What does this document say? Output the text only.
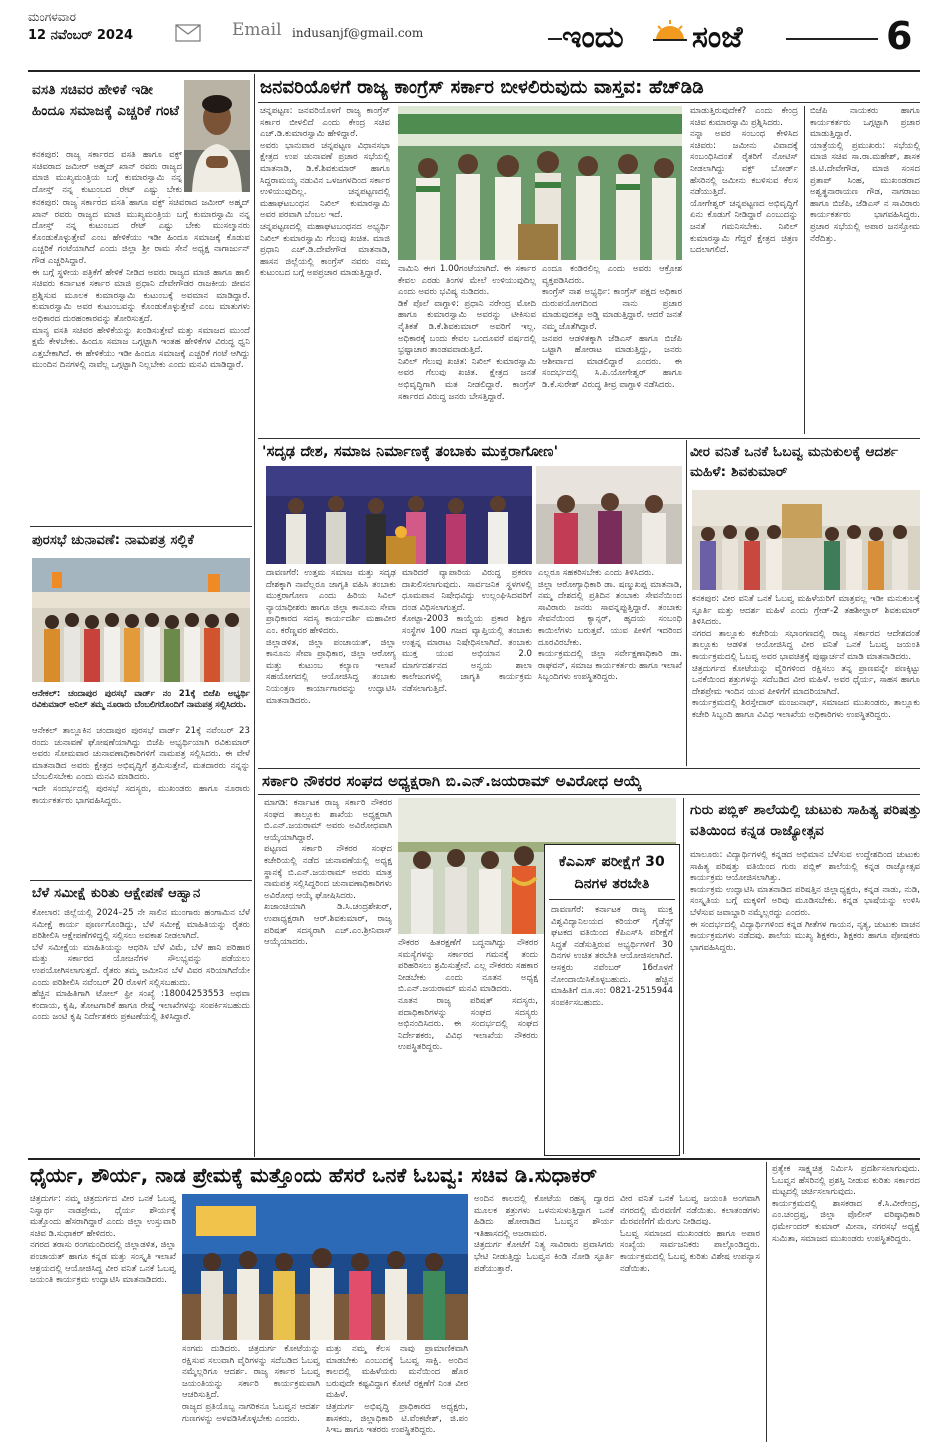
ಮಂಗಳವಾರ
12 ನವೆಂಬರ್ 2024	Email indusanjf@gmail.com	ಇಂದು ಸಂಜೆ	6
ವಸತಿ ಸಚಿವರ ಹೇಳಿಕೆ ಇಡೀ ಹಿಂದೂ ಸಮಾಜಕ್ಕೆ ಎಚ್ಚರಿಕೆ ಗಂಟೆ
ಕನಕಪುರ: ರಾಜ್ಯ ಸರ್ಕಾರದ ವಸತಿ ಹಾಗೂ ವಕ್ಫ್ ಸಚಿವರಾದ ಜಮೀರ್ ಅಹ್ಮದ್ ಖಾನ್ ರವರು ರಾಜ್ಯದ ಮಾಜಿ ಮುಖ್ಯಮಂತ್ರಿಯ ಬಗ್ಗೆ ಕುಮಾರಸ್ವಾಮಿ ನನ್ನ ದೋಸ್ತ್ ನನ್ನ ಕುಟುಂಬದ ರೇಟ್ ಎಷ್ಟು ಬೇಕು

ಕನಕಪುರ: ರಾಜ್ಯ ಸರ್ಕಾರದ ವಸತಿ ಹಾಗೂ ವಕ್ಫ್ ಸಚಿವರಾದ ಜಮೀರ್ ಅಹ್ಮದ್ ಖಾನ್ ರವರು ರಾಜ್ಯದ ಮಾಜಿ ಮುಖ್ಯಮಂತ್ರಿಯ ಬಗ್ಗೆ ಕುಮಾರಸ್ವಾಮಿ ನನ್ನ ದೋಸ್ತ್ ನನ್ನ ಕುಟುಂಬದ ರೇಟ್ ಎಷ್ಟು ಬೇಕು ಮುಸಲ್ಮಾನರು ಕೊಂಡುಕೊಳ್ಳುತ್ತೇವೆ ಎಂಬ ಹೇಳಿಕೆಯು ಇಡೀ ಹಿಂದೂ ಸಮಾಜಕ್ಕೆ ಕೊಡುವ ಎಚ್ಚರಿಕೆ ಗಂಟೆಯಾಗಿದೆ ಎಂದು ಜಿಲ್ಲಾ ಶ್ರೀ ರಾಮ ಸೇನೆ ಅಧ್ಯಕ್ಷ ನಾಗಾರ್ಜುನ್ ಗೌಡ ಎಚ್ಚರಿಸಿದ್ದಾರೆ.
ಈ ಬಗ್ಗೆ ಸ್ಥಳೀಯ ಪತ್ರಿಕೆಗೆ ಹೇಳಿಕೆ ನೀಡಿದ ಅವರು ರಾಜ್ಯದ ಮಾಜಿ ಹಾಗೂ ಹಾಲಿ ಸಚಿವರು ಕರ್ನಾಟಕ ಸರ್ಕಾರ ಮಾಜಿ ಪ್ರಧಾನಿ ದೇವೇಗೌಡರ ರಾಜಕೀಯ ಜೀವನ ಪ್ರಶ್ನಿಸುವ ಮೂಲಕ ಕುಮಾರಸ್ವಾಮಿ ಕುಟುಂಬಕ್ಕೆ ಅವಮಾನ ಮಾಡಿದ್ದಾರೆ. ಕುಮಾರಸ್ವಾಮಿ ಅವರ ಕುಟುಂಬವನ್ನು ಕೊಂಡುಕೊಳ್ಳುತ್ತೇವೆ ಎಂಬ ಮಾತುಗಳು ಅಧಿಕಾರದ ದುರಹಂಕಾರವನ್ನು ತೋರಿಸುತ್ತದೆ.
ಮಾನ್ಯ ವಸತಿ ಸಚಿವರ ಹೇಳಿಕೆಯನ್ನು ಖಂಡಿಸುತ್ತೇವೆ ಮತ್ತು ಸಮಾಜದ ಮುಂದೆ ಕ್ಷಮೆ ಕೇಳಬೇಕು. ಹಿಂದೂ ಸಮಾಜ ಒಗ್ಗಟ್ಟಾಗಿ ಇಂತಹ ಹೇಳಿಕೆಗಳ ವಿರುದ್ಧ ಧ್ವನಿ ಎತ್ತಬೇಕಾಗಿದೆ. ಈ ಹೇಳಿಕೆಯು ಇಡೀ ಹಿಂದೂ ಸಮಾಜಕ್ಕೆ ಎಚ್ಚರಿಕೆ ಗಂಟೆ ಆಗಿದ್ದು ಮುಂದಿನ ದಿನಗಳಲ್ಲಿ ನಾವೆಲ್ಲ ಒಗ್ಗಟ್ಟಾಗಿ ನಿಲ್ಲಬೇಕು ಎಂದು ಮನವಿ ಮಾಡಿದ್ದಾರೆ.
ಪುರಸಭೆ ಚುನಾವಣೆ: ನಾಮಪತ್ರ ಸಲ್ಲಿಕೆ
ಆನೇಕಲ್: ಚಂದಾಪುರ ಪುರಸಭೆ ವಾರ್ಡ್ ನಂ 21ಕ್ಕೆ ಬಿಜೆಪಿ ಅಭ್ಯರ್ಥಿ ರವಿಕುಮಾರ್ ಅನಿಲ್ ತಮ್ಮ ನೂರಾರು ಬೆಂಬಲಿಗರೊಂದಿಗೆ ನಾಮಪತ್ರ ಸಲ್ಲಿಸಿದರು.
ಆನೇಕಲ್ ತಾಲ್ಲೂಕಿನ ಚಂದಾಪುರ ಪುರಸಭೆ ವಾರ್ಡ್ 21ಕ್ಕೆ ನವೆಂಬರ್ 23 ರಂದು ಚುನಾವಣೆ ಘೋಷಣೆಯಾಗಿದ್ದು ಬಿಜೆಪಿ ಅಭ್ಯರ್ಥಿಯಾಗಿ ರವಿಕುಮಾರ್ ಅವರು ಸೋಮವಾರ ಚುನಾವಣಾಧಿಕಾರಿಗಳಿಗೆ ನಾಮಪತ್ರ ಸಲ್ಲಿಸಿದರು. ಈ ವೇಳೆ ಮಾತನಾಡಿದ ಅವರು ಕ್ಷೇತ್ರದ ಅಭಿವೃದ್ಧಿಗೆ ಶ್ರಮಿಸುತ್ತೇನೆ, ಮತದಾರರು ನನ್ನನ್ನು ಬೆಂಬಲಿಸಬೇಕು ಎಂದು ಮನವಿ ಮಾಡಿದರು.
ಇದೇ ಸಂದರ್ಭದಲ್ಲಿ ಪುರಸಭೆ ಸದಸ್ಯರು, ಮುಖಂಡರು ಹಾಗೂ ನೂರಾರು ಕಾರ್ಯಕರ್ತರು ಭಾಗವಹಿಸಿದ್ದರು.
ಬೆಳೆ ಸಮೀಕ್ಷೆ ಕುರಿತು ಆಕ್ಷೇಪಣೆ ಆಹ್ವಾನ
ಕೋಲಾರ: ಜಿಲ್ಲೆಯಲ್ಲಿ 2024–25 ನೇ ಸಾಲಿನ ಮುಂಗಾರು ಹಂಗಾಮಿನ ಬೆಳೆ ಸಮೀಕ್ಷೆ ಕಾರ್ಯ ಪೂರ್ಣಗೊಂಡಿದ್ದು, ಬೆಳೆ ಸಮೀಕ್ಷೆ ಮಾಹಿತಿಯನ್ನು ರೈತರು ಪರಿಶೀಲಿಸಿ ಆಕ್ಷೇಪಣೆಗಳಿದ್ದಲ್ಲಿ ಸಲ್ಲಿಸಲು ಅವಕಾಶ ನೀಡಲಾಗಿದೆ.
ಬೆಳೆ ಸಮೀಕ್ಷೆಯ ಮಾಹಿತಿಯನ್ನು ಆಧರಿಸಿ ಬೆಳೆ ವಿಮೆ, ಬೆಳೆ ಹಾನಿ ಪರಿಹಾರ ಮತ್ತು ಸರ್ಕಾರದ ಯೋಜನೆಗಳ ಸೌಲಭ್ಯವನ್ನು ಪಡೆಯಲು ಉಪಯೋಗಿಸಲಾಗುತ್ತದೆ. ರೈತರು ತಮ್ಮ ಜಮೀನಿನ ಬೆಳೆ ವಿವರ ಸರಿಯಾಗಿದೆಯೇ ಎಂದು ಪರಿಶೀಲಿಸಿ ನವೆಂಬರ್ 20 ರೊಳಗೆ ಸಲ್ಲಿಸಬಹುದು.
ಹೆಚ್ಚಿನ ಮಾಹಿತಿಗಾಗಿ ಟೋಲ್ ಫ್ರೀ ಸಂಖ್ಯೆ :18004253553 ಅಥವಾ ಕಂದಾಯ, ಕೃಷಿ, ತೋಟಗಾರಿಕೆ ಹಾಗೂ ರೇಷ್ಮೆ ಇಲಾಖೆಗಳನ್ನು ಸಂಪರ್ಕಿಸಬಹುದು ಎಂದು ಜಂಟಿ ಕೃಷಿ ನಿರ್ದೇಶಕರು ಪ್ರಕಟಣೆಯಲ್ಲಿ ತಿಳಿಸಿದ್ದಾರೆ.
ಜನವರಿಯೊಳಗೆ ರಾಜ್ಯ ಕಾಂಗ್ರೆಸ್ ಸರ್ಕಾರ ಬೀಳಲಿರುವುದು ವಾಸ್ತವ: ಹೆಚ್‌ಡಿಡಿ
ಚನ್ನಪಟ್ಟಣ: ಜನವರಿಯೊಳಗೆ ರಾಜ್ಯ ಕಾಂಗ್ರೆಸ್ ಸರ್ಕಾರ ಬೀಳಲಿದೆ ಎಂದು ಕೇಂದ್ರ ಸಚಿವ ಎಚ್.ಡಿ.ಕುಮಾರಸ್ವಾಮಿ ಹೇಳಿದ್ದಾರೆ.
ಅವರು ಭಾನುವಾರ ಚನ್ನಪಟ್ಟಣ ವಿಧಾನಸಭಾ ಕ್ಷೇತ್ರದ ಉಪ ಚುನಾವಣೆ ಪ್ರಚಾರ ಸಭೆಯಲ್ಲಿ ಮಾತನಾಡಿ, ಡಿ.ಕೆ.ಶಿವಕುಮಾರ್ ಹಾಗೂ ಸಿದ್ದರಾಮಯ್ಯ ನಡುವಿನ ಒಳಜಗಳದಿಂದ ಸರ್ಕಾರ ಉಳಿಯುವುದಿಲ್ಲ. ಚನ್ನಪಟ್ಟಣದಲ್ಲಿ ಮಹಾಘಟಬಂಧನ ನಿಖಿಲ್ ಕುಮಾರಸ್ವಾಮಿ ಅವರ ಪರವಾಗಿ ಬೆಂಬಲ ಇದೆ.
ಚನ್ನಪಟ್ಟಣದಲ್ಲಿ ಮಹಾಘಟಬಂಧನದ ಅಭ್ಯರ್ಥಿ ನಿಖಿಲ್ ಕುಮಾರಸ್ವಾಮಿ ಗೆಲುವು ಖಚಿತ. ಮಾಜಿ ಪ್ರಧಾನಿ ಎಚ್.ಡಿ.ದೇವೇಗೌಡ ಮಾತನಾಡಿ, ಹಾಸನ ಜಿಲ್ಲೆಯಲ್ಲಿ ಕಾಂಗ್ರೆಸ್ ನವರು ನಮ್ಮ ಕುಟುಂಬದ ಬಗ್ಗೆ ಅಪಪ್ರಚಾರ ಮಾಡುತ್ತಿದ್ದಾರೆ.	ನಾಮಿನಿ ಈಗ 1.00ಗಂಟೆಯಾಗಿದೆ. ಈ ಸರ್ಕಾರ ಕೇವಲ ಎರಡು ತಿಂಗಳ ಮೇಲೆ ಉಳಿಯುವುದಿಲ್ಲ ಎಂದು ಅವರು ಭವಿಷ್ಯ ನುಡಿದರು.
ಡಿಕೆ ಪೊಲೆ ವಾಗ್ದಾಳಿ: ಪ್ರಧಾನಿ ನರೇಂದ್ರ ಮೋದಿ ಹಾಗೂ ಕುಮಾರಸ್ವಾಮಿ ಅವರನ್ನು ಟೀಕಿಸುವ ನೈತಿಕತೆ ಡಿ.ಕೆ.ಶಿವಕುಮಾರ್ ಅವರಿಗೆ ಇಲ್ಲ. ಅಧಿಕಾರಕ್ಕೆ ಬಂದು ಕೇವಲ ಒಂದೂವರೆ ವರ್ಷದಲ್ಲಿ ಭ್ರಷ್ಟಾಚಾರ ತಾಂಡವವಾಡುತ್ತಿದೆ.
ನಿಖಿಲ್ ಗೆಲುವು ಖಚಿತ: ನಿಖಿಲ್ ಕುಮಾರಸ್ವಾಮಿ ಅವರ ಗೆಲುವು ಖಚಿತ. ಕ್ಷೇತ್ರದ ಜನತೆ ಅಭಿವೃದ್ಧಿಗಾಗಿ ಮತ ನೀಡಲಿದ್ದಾರೆ. ಕಾಂಗ್ರೆಸ್ ಸರ್ಕಾರದ ವಿರುದ್ಧ ಜನರು ಬೇಸತ್ತಿದ್ದಾರೆ.
ಎಂದೂ ಕಂಡಿರಲಿಲ್ಲ ಎಂದು ಅವರು ಆಕ್ರೋಶ ವ್ಯಕ್ತಪಡಿಸಿದರು.
ಕಾಂಗ್ರೆಸ್ ನಾಶ ಅಭ್ಯರ್ಥಿ: ಕಾಂಗ್ರೆಸ್ ಪಕ್ಷದ ಅಧಿಕಾರ ದುರುಪಯೋಗದಿಂದ ನಾನು ಪ್ರಚಾರ ಮಾಡುವುದಕ್ಕೂ ಅಡ್ಡಿ ಮಾಡುತ್ತಿದ್ದಾರೆ. ಆದರೆ ಜನತೆ ನಮ್ಮ ಜೊತೆಗಿದ್ದಾರೆ.
ಜನಪರ ಆಡಳಿತಕ್ಕಾಗಿ ಜೆಡಿಎಸ್ ಹಾಗೂ ಬಿಜೆಪಿ ಒಟ್ಟಾಗಿ ಹೋರಾಟ ಮಾಡುತ್ತಿದ್ದು, ಜನರು ಆಶೀರ್ವಾದ ಮಾಡಲಿದ್ದಾರೆ ಎಂದರು. ಈ ಸಂದರ್ಭದಲ್ಲಿ ಸಿ.ಪಿ.ಯೋಗೇಶ್ವರ್ ಹಾಗೂ ಡಿ.ಕೆ.ಸುರೇಶ್ ವಿರುದ್ಧ ತೀವ್ರ ವಾಗ್ದಾಳಿ ನಡೆಸಿದರು.
ಮಾಡುತ್ತಿರುವುದೇಕೆ? ಎಂದು ಕೇಂದ್ರ ಸಚಿವ ಕುಮಾರಸ್ವಾಮಿ ಪ್ರಶ್ನಿಸಿದರು.
ನನ್ನಾ ಅವರ ಸಂಬಂಧ ಕೇಳಿಸಿದ ಸಚಿವರು: ಜಮೀನು ವಿವಾದಕ್ಕೆ ಸಂಬಂಧಿಸಿದಂತೆ ರೈತರಿಗೆ ನೋಟಿಸ್ ನೀಡಲಾಗಿದ್ದು ವಕ್ಫ್ ಬೋರ್ಡ್ ಹೆಸರಿನಲ್ಲಿ ಜಮೀನು ಕಬಳಿಸುವ ಕೆಲಸ ನಡೆಯುತ್ತಿದೆ.
ಯೋಗೇಶ್ವರ್ ಚನ್ನಪಟ್ಟಣದ ಅಭಿವೃದ್ಧಿಗೆ ಏನು ಕೊಡುಗೆ ನೀಡಿದ್ದಾರೆ ಎಂಬುದನ್ನು ಜನತೆ ಗಮನಿಸಬೇಕು. ನಿಖಿಲ್ ಕುಮಾರಸ್ವಾಮಿ ಗೆದ್ದರೆ ಕ್ಷೇತ್ರದ ಚಿತ್ರಣ ಬದಲಾಗಲಿದೆ.
ಬಿಜೆಪಿ ನಾಯಕರು ಹಾಗೂ ಕಾರ್ಯಕರ್ತರು ಒಗ್ಗಟ್ಟಾಗಿ ಪ್ರಚಾರ ಮಾಡುತ್ತಿದ್ದಾರೆ.
ಯಾತ್ರೆಯಲ್ಲಿ ಪ್ರಮುಖರು: ಸಭೆಯಲ್ಲಿ ಮಾಜಿ ಸಚಿವ ಸಾ.ರಾ.ಮಹೇಶ್, ಶಾಸಕ ಜಿ.ಟಿ.ದೇವೇಗೌಡ, ಮಾಜಿ ಸಂಸದ ಪ್ರತಾಪ್ ಸಿಂಹ, ಮುಖಂಡರಾದ ಅಶ್ವತ್ಥನಾರಾಯಣ ಗೌಡ, ನಾಗರಾಜು ಹಾಗೂ ಬಿಜೆಪಿ, ಜೆಡಿಎಸ್ ನ ಸಾವಿರಾರು ಕಾರ್ಯಕರ್ತರು ಭಾಗವಹಿಸಿದ್ದರು. ಪ್ರಚಾರ ಸಭೆಯಲ್ಲಿ ಅಪಾರ ಜನಸ್ತೋಮ ನೆರೆದಿತ್ತು.
'ಸದೃಢ ದೇಶ, ಸಮಾಜ ನಿರ್ಮಾಣಕ್ಕೆ ತಂಬಾಕು ಮುಕ್ತರಾಗೋಣ'
ದಾವಣಗೆರೆ: ಉತ್ತಮ ಸಮಾಜ ಮತ್ತು ಸದೃಢ ದೇಶಕ್ಕಾಗಿ ನಾವೆಲ್ಲರೂ ಜಾಗೃತಿ ವಹಿಸಿ ತಂಬಾಕು ಮುಕ್ತರಾಗೋಣ ಎಂದು ಹಿರಿಯ ಸಿವಿಲ್ ನ್ಯಾಯಾಧೀಶರು ಹಾಗೂ ಜಿಲ್ಲಾ ಕಾನೂನು ಸೇವಾ ಪ್ರಾಧಿಕಾರದ ಸದಸ್ಯ ಕಾರ್ಯದರ್ಶಿ ಮಹಾವೀರ ಎಂ. ಕರೆಣ್ಣವರ ಹೇಳಿದರು.
ಜಿಲ್ಲಾಡಳಿತ, ಜಿಲ್ಲಾ ಪಂಚಾಯತ್, ಜಿಲ್ಲಾ ಕಾನೂನು ಸೇವಾ ಪ್ರಾಧಿಕಾರ, ಜಿಲ್ಲಾ ಆರೋಗ್ಯ ಮತ್ತು ಕುಟುಂಬ ಕಲ್ಯಾಣ ಇಲಾಖೆ ಸಹಯೋಗದಲ್ಲಿ ಆಯೋಜಿಸಿದ್ದ ತಂಬಾಕು ನಿಯಂತ್ರಣ ಕಾರ್ಯಾಗಾರವನ್ನು ಉದ್ಘಾಟಿಸಿ ಮಾತನಾಡಿದರು.
ಮಾರಿದರೆ ವ್ಯಾಪಾರಿಯ ವಿರುದ್ಧ ಪ್ರಕರಣ ದಾಖಲಿಸಲಾಗುವುದು. ಸಾರ್ವಜನಿಕ ಸ್ಥಳಗಳಲ್ಲಿ ಧೂಮಪಾನ ನಿಷೇಧವಿದ್ದು ಉಲ್ಲಂಘಿಸಿದವರಿಗೆ ದಂಡ ವಿಧಿಸಲಾಗುತ್ತದೆ.
ಕೋಟ್ಪಾ-2003 ಕಾಯ್ದೆಯ ಪ್ರಕಾರ ಶಿಕ್ಷಣ ಸಂಸ್ಥೆಗಳ 100 ಗಜದ ವ್ಯಾಪ್ತಿಯಲ್ಲಿ ತಂಬಾಕು ಉತ್ಪನ್ನ ಮಾರಾಟ ನಿಷೇಧಿಸಲಾಗಿದೆ. ತಂಬಾಕು ಮುಕ್ತ ಯುವ ಅಭಿಯಾನ 2.0 ಮಾರ್ಗದರ್ಶನದ ಅನ್ವಯ ಶಾಲಾ ಕಾಲೇಜುಗಳಲ್ಲಿ ಜಾಗೃತಿ ಕಾರ್ಯಕ್ರಮ ನಡೆಸಲಾಗುತ್ತಿದೆ.
ಎಲ್ಲರೂ ಸಹಕರಿಸಬೇಕು ಎಂದು ತಿಳಿಸಿದರು.
ಜಿಲ್ಲಾ ಆರೋಗ್ಯಾಧಿಕಾರಿ ಡಾ. ಷಣ್ಮುಖಪ್ಪ ಮಾತನಾಡಿ, ನಮ್ಮ ದೇಶದಲ್ಲಿ ಪ್ರತಿದಿನ ತಂಬಾಕು ಸೇವನೆಯಿಂದ ಸಾವಿರಾರು ಜನರು ಸಾವನ್ನಪ್ಪುತ್ತಿದ್ದಾರೆ. ತಂಬಾಕು ಸೇವನೆಯಿಂದ ಕ್ಯಾನ್ಸರ್, ಹೃದಯ ಸಂಬಂಧಿ ಕಾಯಿಲೆಗಳು ಬರುತ್ತವೆ. ಯುವ ಪೀಳಿಗೆ ಇದರಿಂದ ದೂರವಿರಬೇಕು.
ಕಾರ್ಯಕ್ರಮದಲ್ಲಿ ಜಿಲ್ಲಾ ಸರ್ವೇಕ್ಷಣಾಧಿಕಾರಿ ಡಾ. ರಾಘವನ್, ಸಮಾಜ ಕಾರ್ಯಕರ್ತರು ಹಾಗೂ ಇಲಾಖೆ ಸಿಬ್ಬಂದಿಗಳು ಉಪಸ್ಥಿತರಿದ್ದರು.
ವೀರ ವನಿತೆ ಒನಕೆ ಓಬವ್ವ ಮನುಕುಲಕ್ಕೆ ಆದರ್ಶ ಮಹಿಳೆ: ಶಿವಕುಮಾರ್
ಕನಕಪುರ: ವೀರ ವನಿತೆ ಒನಕೆ ಓಬವ್ವ ಮಹಿಳೆಯರಿಗೆ ಮಾತ್ರವಲ್ಲ ಇಡೀ ಮನುಕುಲಕ್ಕೆ ಸ್ಫೂರ್ತಿ ಮತ್ತು ಆದರ್ಶ ಮಹಿಳೆ ಎಂದು ಗ್ರೇಡ್-2 ತಹಶೀಲ್ದಾರ್ ಶಿವಕುಮಾರ್ ತಿಳಿಸಿದರು.
ನಗರದ ತಾಲ್ಲೂಕು ಕಚೇರಿಯ ಸಭಾಂಗಣದಲ್ಲಿ ರಾಜ್ಯ ಸರ್ಕಾರದ ಆದೇಶದಂತೆ ತಾಲ್ಲೂಕು ಆಡಳಿತ ಆಯೋಜಿಸಿದ್ದ ವೀರ ವನಿತೆ ಒನಕೆ ಓಬವ್ವ ಜಯಂತಿ ಕಾರ್ಯಕ್ರಮದಲ್ಲಿ ಓಬವ್ವ ಅವರ ಭಾವಚಿತ್ರಕ್ಕೆ ಪುಷ್ಪಾರ್ಚನೆ ಮಾಡಿ ಮಾತನಾಡಿದರು.
ಚಿತ್ರದುರ್ಗದ ಕೋಟೆಯನ್ನು ವೈರಿಗಳಿಂದ ರಕ್ಷಿಸಲು ತನ್ನ ಪ್ರಾಣವನ್ನೇ ಪಣಕ್ಕಿಟ್ಟು ಒನಕೆಯಿಂದ ಶತ್ರುಗಳನ್ನು ಸದೆಬಡಿದ ವೀರ ಮಹಿಳೆ. ಅವರ ಧೈರ್ಯ, ಸಾಹಸ ಹಾಗೂ ದೇಶಪ್ರೇಮ ಇಂದಿನ ಯುವ ಪೀಳಿಗೆಗೆ ಮಾದರಿಯಾಗಿದೆ.
ಕಾರ್ಯಕ್ರಮದಲ್ಲಿ ಶಿರಸ್ತೇದಾರ್ ಮಂಜುನಾಥ್, ಸಮಾಜದ ಮುಖಂಡರು, ತಾಲ್ಲೂಕು ಕಚೇರಿ ಸಿಬ್ಬಂದಿ ಹಾಗೂ ವಿವಿಧ ಇಲಾಖೆಯ ಅಧಿಕಾರಿಗಳು ಉಪಸ್ಥಿತರಿದ್ದರು.
ಸರ್ಕಾರಿ ನೌಕರರ ಸಂಘದ ಅಧ್ಯಕ್ಷರಾಗಿ ಬಿ.ಎನ್.ಜಯರಾಮ್ ಅವಿರೋಧ ಆಯ್ಕೆ
ಮಾಗಡಿ: ಕರ್ನಾಟಕ ರಾಜ್ಯ ಸರ್ಕಾರಿ ನೌಕರರ ಸಂಘದ ತಾಲ್ಲೂಕು ಶಾಖೆಯ ಅಧ್ಯಕ್ಷರಾಗಿ ಬಿ.ಎನ್.ಜಯರಾಮ್ ಅವರು ಅವಿರೋಧವಾಗಿ ಆಯ್ಕೆಯಾಗಿದ್ದಾರೆ.
ಪಟ್ಟಣದ ಸರ್ಕಾರಿ ನೌಕರರ ಸಂಘದ ಕಚೇರಿಯಲ್ಲಿ ನಡೆದ ಚುನಾವಣೆಯಲ್ಲಿ ಅಧ್ಯಕ್ಷ ಸ್ಥಾನಕ್ಕೆ ಬಿ.ಎನ್.ಜಯರಾಮ್ ಅವರು ಮಾತ್ರ ನಾಮಪತ್ರ ಸಲ್ಲಿಸಿದ್ದರಿಂದ ಚುನಾವಣಾಧಿಕಾರಿಗಳು ಅವಿರೋಧ ಆಯ್ಕೆ ಘೋಷಿಸಿದರು.
ಖಜಾಂಚಿಯಾಗಿ ಡಿ.ಸಿ.ಚಂದ್ರಶೇಖರ್, ಉಪಾಧ್ಯಕ್ಷರಾಗಿ ಆರ್.ಶಿವಕುಮಾರ್, ರಾಜ್ಯ ಪರಿಷತ್ ಸದಸ್ಯರಾಗಿ ಎಚ್.ಎಂ.ಶ್ರೀನಿವಾಸ್ ಆಯ್ಕೆಯಾದರು.	ನೌಕರರ ಹಿತರಕ್ಷಣೆಗೆ ಬದ್ಧನಾಗಿದ್ದು ನೌಕರರ ಸಮಸ್ಯೆಗಳನ್ನು ಸರ್ಕಾರದ ಗಮನಕ್ಕೆ ತಂದು ಪರಿಹರಿಸಲು ಶ್ರಮಿಸುತ್ತೇನೆ. ಎಲ್ಲ ನೌಕರರು ಸಹಕಾರ ನೀಡಬೇಕು ಎಂದು ನೂತನ ಅಧ್ಯಕ್ಷ ಬಿ.ಎನ್.ಜಯರಾಮ್ ಮನವಿ ಮಾಡಿದರು.
ನೂತನ ರಾಜ್ಯ ಪರಿಷತ್ ಸದಸ್ಯರು, ಪದಾಧಿಕಾರಿಗಳನ್ನು ಸಂಘದ ಸದಸ್ಯರು ಅಭಿನಂದಿಸಿದರು. ಈ ಸಂದರ್ಭದಲ್ಲಿ ಸಂಘದ ನಿರ್ದೇಶಕರು, ವಿವಿಧ ಇಲಾಖೆಯ ನೌಕರರು ಉಪಸ್ಥಿತರಿದ್ದರು.
ಕೆಎಎಸ್ ಪರೀಕ್ಷೆಗೆ 30 ದಿನಗಳ ತರಬೇತಿ
ದಾವಣಗೆರೆ: ಕರ್ನಾಟಕ ರಾಜ್ಯ ಮುಕ್ತ ವಿಶ್ವವಿದ್ಯಾನಿಲಯದ ಕರಿಯರ್ ಗೈಡೆನ್ಸ್ ಘಟಕದ ವತಿಯಿಂದ ಕೆಪಿಎಸ್‌ಸಿ ಪರೀಕ್ಷೆಗೆ ಸಿದ್ಧತೆ ನಡೆಸುತ್ತಿರುವ ಅಭ್ಯರ್ಥಿಗಳಿಗೆ 30 ದಿನಗಳ ಉಚಿತ ತರಬೇತಿ ಆಯೋಜಿಸಲಾಗಿದೆ. ಆಸಕ್ತರು ನವೆಂಬರ್ 16ರೊಳಗೆ ನೋಂದಾಯಿಸಿಕೊಳ್ಳಬಹುದು. ಹೆಚ್ಚಿನ ಮಾಹಿತಿಗೆ ದೂ.ಸಂ: 0821-2515944 ಸಂಪರ್ಕಿಸಬಹುದು.
ಗುರು ಪಬ್ಲಿಕ್ ಶಾಲೆಯಲ್ಲಿ ಚುಟುಕು ಸಾಹಿತ್ಯ ಪರಿಷತ್ತು ವತಿಯಿಂದ ಕನ್ನಡ ರಾಜ್ಯೋತ್ಸವ
ಮಾಲೂರು: ವಿದ್ಯಾರ್ಥಿಗಳಲ್ಲಿ ಕನ್ನಡದ ಅಭಿಮಾನ ಬೆಳೆಸುವ ಉದ್ದೇಶದಿಂದ ಚುಟುಕು ಸಾಹಿತ್ಯ ಪರಿಷತ್ತು ವತಿಯಿಂದ ಗುರು ಪಬ್ಲಿಕ್ ಶಾಲೆಯಲ್ಲಿ ಕನ್ನಡ ರಾಜ್ಯೋತ್ಸವ ಕಾರ್ಯಕ್ರಮ ಆಯೋಜಿಸಲಾಗಿತ್ತು.
ಕಾರ್ಯಕ್ರಮ ಉದ್ಘಾಟಿಸಿ ಮಾತನಾಡಿದ ಪರಿಷತ್ತಿನ ಜಿಲ್ಲಾಧ್ಯಕ್ಷರು, ಕನ್ನಡ ನಾಡು, ನುಡಿ, ಸಂಸ್ಕೃತಿಯ ಬಗ್ಗೆ ಮಕ್ಕಳಿಗೆ ಅರಿವು ಮೂಡಿಸಬೇಕು. ಕನ್ನಡ ಭಾಷೆಯನ್ನು ಉಳಿಸಿ ಬೆಳೆಸುವ ಜವಾಬ್ದಾರಿ ನಮ್ಮೆಲ್ಲರದ್ದು ಎಂದರು.
ಈ ಸಂದರ್ಭದಲ್ಲಿ ವಿದ್ಯಾರ್ಥಿಗಳಿಂದ ಕನ್ನಡ ಗೀತೆಗಳ ಗಾಯನ, ನೃತ್ಯ, ಚುಟುಕು ವಾಚನ ಕಾರ್ಯಕ್ರಮಗಳು ನಡೆದವು. ಶಾಲೆಯ ಮುಖ್ಯ ಶಿಕ್ಷಕರು, ಶಿಕ್ಷಕರು ಹಾಗೂ ಪೋಷಕರು ಭಾಗವಹಿಸಿದ್ದರು.
ಧೈರ್ಯ, ಶೌರ್ಯ, ನಾಡ ಪ್ರೇಮಕ್ಕೆ ಮತ್ತೊಂದು ಹೆಸರೆ ಒನಕೆ ಓಬವ್ವ: ಸಚಿವ ಡಿ.ಸುಧಾಕರ್
ಚಿತ್ರದುರ್ಗ: ನಮ್ಮ ಚಿತ್ರದುರ್ಗದ ವೀರ ಒನಕೆ ಓಬವ್ವ ನಿಸ್ವಾರ್ಥ ನಾಡಪ್ರೇಮ, ಧೈರ್ಯ ಶೌರ್ಯಕ್ಕೆ ಮತ್ತೊಂದು ಹೆಸರಾಗಿದ್ದಾರೆ ಎಂದು ಜಿಲ್ಲಾ ಉಸ್ತುವಾರಿ ಸಚಿವ ಡಿ.ಸುಧಾಕರ್ ಹೇಳಿದರು.
ನಗರದ ತರಾಸು ರಂಗಮಂದಿರದಲ್ಲಿ ಜಿಲ್ಲಾಡಳಿತ, ಜಿಲ್ಲಾ ಪಂಚಾಯತ್ ಹಾಗೂ ಕನ್ನಡ ಮತ್ತು ಸಂಸ್ಕೃತಿ ಇಲಾಖೆ ಆಶ್ರಯದಲ್ಲಿ ಆಯೋಜಿಸಿದ್ದ ವೀರ ವನಿತೆ ಒನಕೆ ಓಬವ್ವ ಜಯಂತಿ ಕಾರ್ಯಕ್ರಮ ಉದ್ಘಾಟಿಸಿ ಮಾತನಾಡಿದರು.
ಸಂಗಮ ದುಡಿದರು. ಚಿತ್ರದುರ್ಗ ಕೋಟೆಯನ್ನು ರಕ್ಷಿಸುವ ಸಲುವಾಗಿ ವೈರಿಗಳನ್ನು ಸದೆಬಡಿದ ಓಬವ್ವ ನಮ್ಮೆಲ್ಲರಿಗೂ ಆದರ್ಶ. ರಾಜ್ಯ ಸರ್ಕಾರ ಓಬವ್ವ ಜಯಂತಿಯನ್ನು ಸರ್ಕಾರಿ ಕಾರ್ಯಕ್ರಮವಾಗಿ ಆಚರಿಸುತ್ತಿದೆ.
ರಾಜ್ಯದ ಪ್ರತಿಯೊಬ್ಬ ನಾಗರಿಕನೂ ಓಬವ್ವನ ಆದರ್ಶ ಗುಣಗಳನ್ನು ಅಳವಡಿಸಿಕೊಳ್ಳಬೇಕು ಎಂದರು.
ಮತ್ತು ನಮ್ಮ ಕೆಲಸ ನಾವು ಪ್ರಾಮಾಣಿಕವಾಗಿ ಮಾಡಬೇಕು ಎಂಬುದಕ್ಕೆ ಓಬವ್ವ ಸಾಕ್ಷಿ. ಅಂದಿನ ಕಾಲದಲ್ಲಿ ಮಹಿಳೆಯರು ಮನೆಯಿಂದ ಹೊರ ಬರುವುದೇ ಕಷ್ಟವಿದ್ದಾಗ ಕೋಟೆ ರಕ್ಷಣೆಗೆ ನಿಂತ ವೀರ ಮಹಿಳೆ.
ಚಿತ್ರದುರ್ಗ ಅಭಿವೃದ್ಧಿ ಪ್ರಾಧಿಕಾರದ ಅಧ್ಯಕ್ಷರು, ಶಾಸಕರು, ಜಿಲ್ಲಾಧಿಕಾರಿ ಟಿ.ವೆಂಕಟೇಶ್, ಜಿ.ಪಂ ಸಿಇಒ ಹಾಗೂ ಇತರರು ಉಪಸ್ಥಿತರಿದ್ದರು.
ಅಂದಿನ ಕಾಲದಲ್ಲಿ ಕೋಟೆಯ ರಹಸ್ಯ ದ್ವಾರದ ಮೂಲಕ ಶತ್ರುಗಳು ಒಳನುಸುಳುತ್ತಿದ್ದಾಗ ಒನಕೆ ಹಿಡಿದು ಹೋರಾಡಿದ ಓಬವ್ವನ ಶೌರ್ಯ ಇತಿಹಾಸದಲ್ಲಿ ಅಜರಾಮರ.
ಚಿತ್ರದುರ್ಗ ಕೋಟೆಗೆ ನಿತ್ಯ ಸಾವಿರಾರು ಪ್ರವಾಸಿಗರು ಭೇಟಿ ನೀಡುತ್ತಿದ್ದು ಓಬವ್ವನ ಕಿಂಡಿ ನೋಡಿ ಸ್ಫೂರ್ತಿ ಪಡೆಯುತ್ತಾರೆ.
ವೀರ ವನಿತೆ ಒನಕೆ ಓಬವ್ವ ಜಯಂತಿ ಅಂಗವಾಗಿ ನಗರದಲ್ಲಿ ಮೆರವಣಿಗೆ ನಡೆಯಿತು. ಕಲಾತಂಡಗಳು ಮೆರವಣಿಗೆಗೆ ಮೆರುಗು ನೀಡಿದವು.
ಓಬವ್ವ ಸಮಾಜದ ಮುಖಂಡರು ಹಾಗೂ ಅಪಾರ ಸಂಖ್ಯೆಯ ಸಾರ್ವಜನಿಕರು ಪಾಲ್ಗೊಂಡಿದ್ದರು. ಕಾರ್ಯಕ್ರಮದಲ್ಲಿ ಓಬವ್ವ ಕುರಿತು ವಿಶೇಷ ಉಪನ್ಯಾಸ ನಡೆಯಿತು.
ಪ್ರತ್ಯೇಕ ಸಾಕ್ಷ್ಯಚಿತ್ರ ನಿರ್ಮಿಸಿ ಪ್ರದರ್ಶಿಸಲಾಗುವುದು. ಓಬವ್ವನ ಹೆಸರಿನಲ್ಲಿ ಪ್ರಶಸ್ತಿ ನೀಡುವ ಕುರಿತು ಸರ್ಕಾರದ ಮಟ್ಟದಲ್ಲಿ ಚರ್ಚಿಸಲಾಗುವುದು.
ಕಾರ್ಯಕ್ರಮದಲ್ಲಿ ಶಾಸಕರಾದ ಕೆ.ಸಿ.ವೀರೇಂದ್ರ, ಎಂ.ಚಂದ್ರಪ್ಪ, ಜಿಲ್ಲಾ ಪೊಲೀಸ್ ವರಿಷ್ಠಾಧಿಕಾರಿ ಧರ್ಮೇಂದರ್ ಕುಮಾರ್ ಮೀನಾ, ನಗರಸಭೆ ಅಧ್ಯಕ್ಷೆ ಸುಮಿತಾ, ಸಮಾಜದ ಮುಖಂಡರು ಉಪಸ್ಥಿತರಿದ್ದರು.
